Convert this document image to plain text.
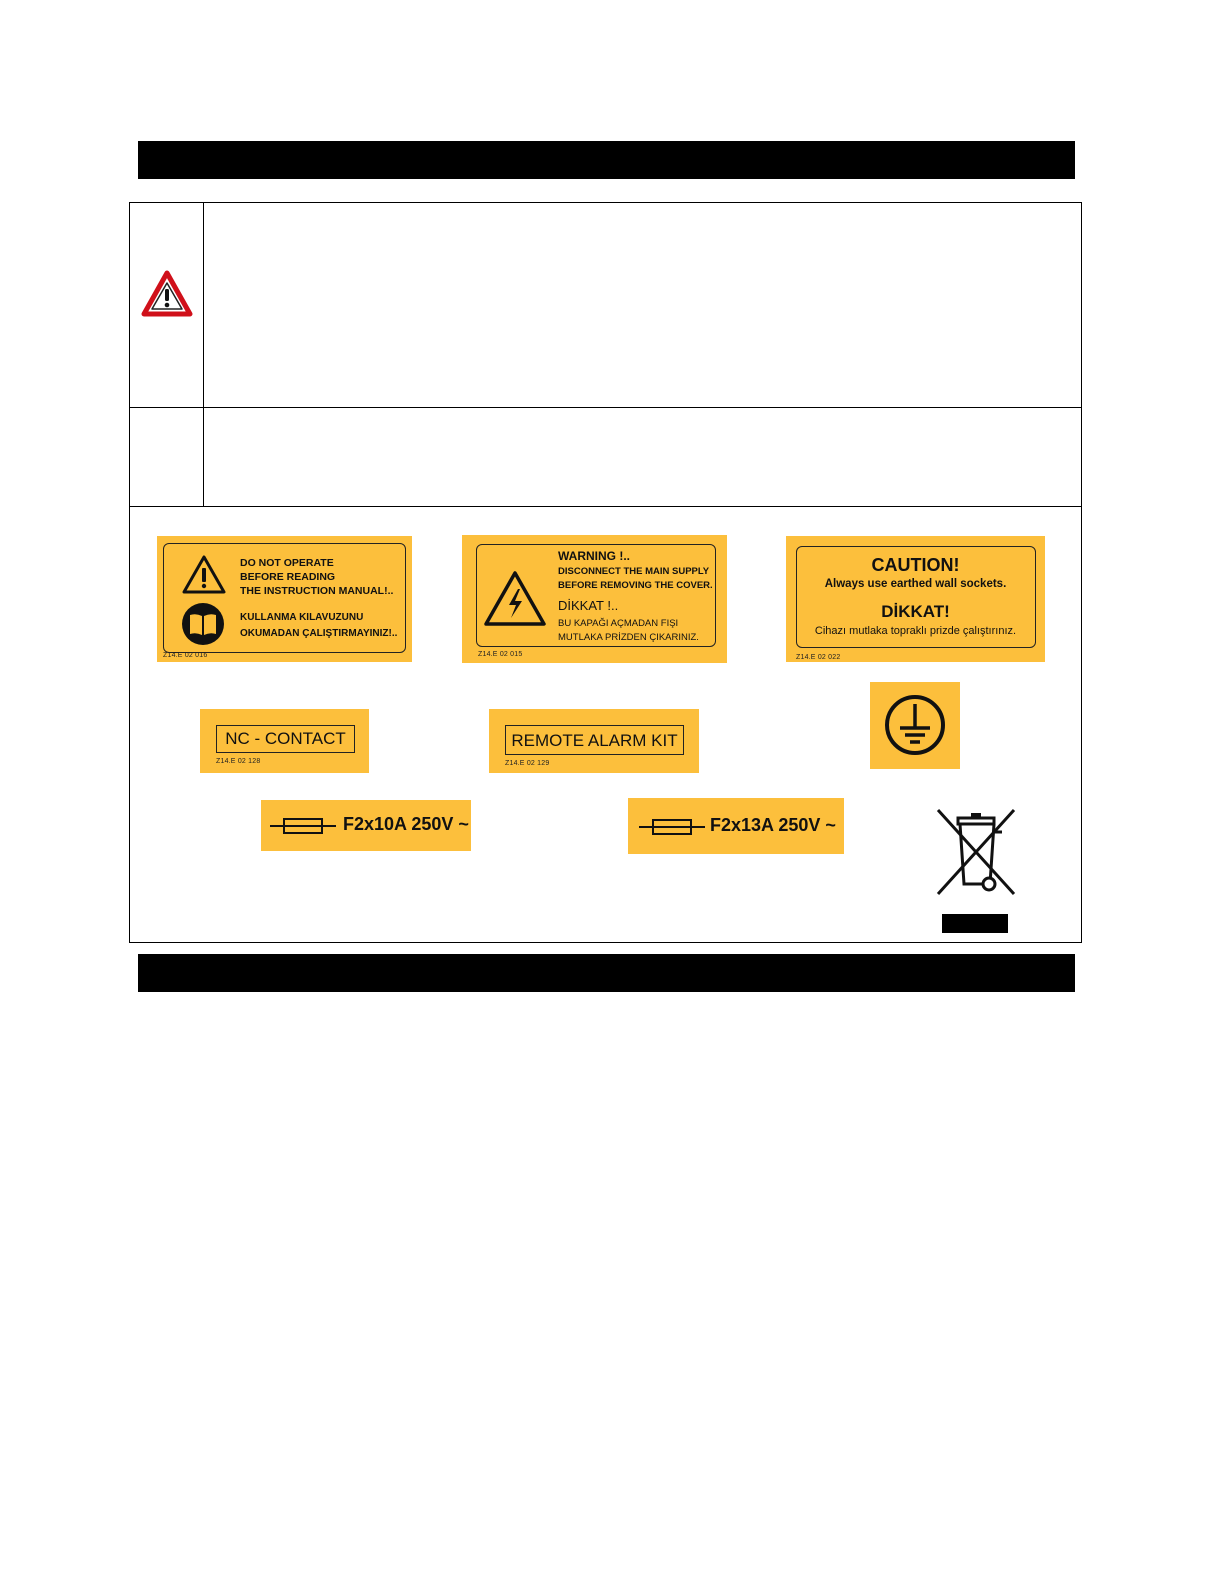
DO NOT OPERATE
BEFORE READING
THE INSTRUCTION MANUAL!..
KULLANMA KILAVUZUNU
OKUMADAN ÇALIŞTIRMAYINIZ!..
Z14.E 02 016
WARNING !..
DISCONNECT THE MAIN SUPPLY
BEFORE REMOVING THE COVER.
DİKKAT !..
BU KAPAĞI AÇMADAN FIŞI
MUTLAKA PRİZDEN ÇIKARINIZ.
Z14.E 02 015
CAUTION!
Always use earthed wall sockets.
DİKKAT!
Cihazı mutlaka topraklı prizde çalıştırınız.
Z14.E 02 022
NC - CONTACT
Z14.E 02 128
REMOTE ALARM KIT
Z14.E 02 129
F2x10A 250V ~	F2x13A 250V ~
